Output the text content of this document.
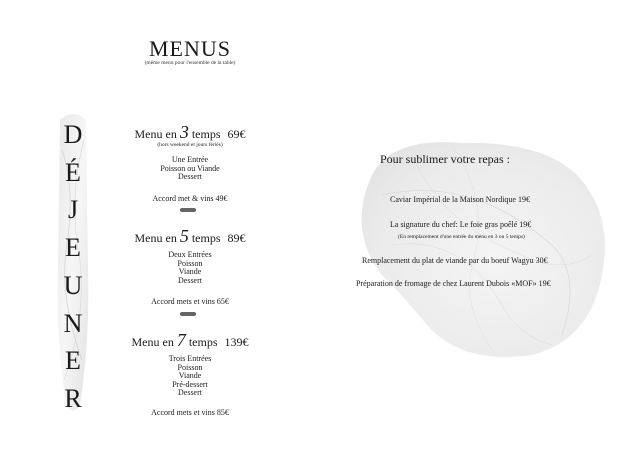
MENUS
(même menu pour l'ensemble de la table)
D
É
J
E
U
N
E
R
Menu en 3 temps 69€
(hors weekend et jours fériés)
Une Entrée
Poisson ou Viande
Dessert
Accord met & vins 49€
Menu en 5 temps 89€
Deux Entrées
Poisson
Viande
Dessert
Accord mets et vins 65€
Menu en 7 temps 139€
Trois Entrées
Poisson
Viande
Pré-dessert
Dessert
Accord mets et vins 85€
Pour sublimer votre repas :
Caviar Impérial de la Maison Nordique 19€
La signature du chef: Le foie gras poêlé 19€
(En remplacement d'une entrée du menu en 3 ou 5 temps)
Remplacement du plat de viande par du boeuf Wagyu 30€
Préparation de fromage de chez Laurent Dubois «MOF» 19€
